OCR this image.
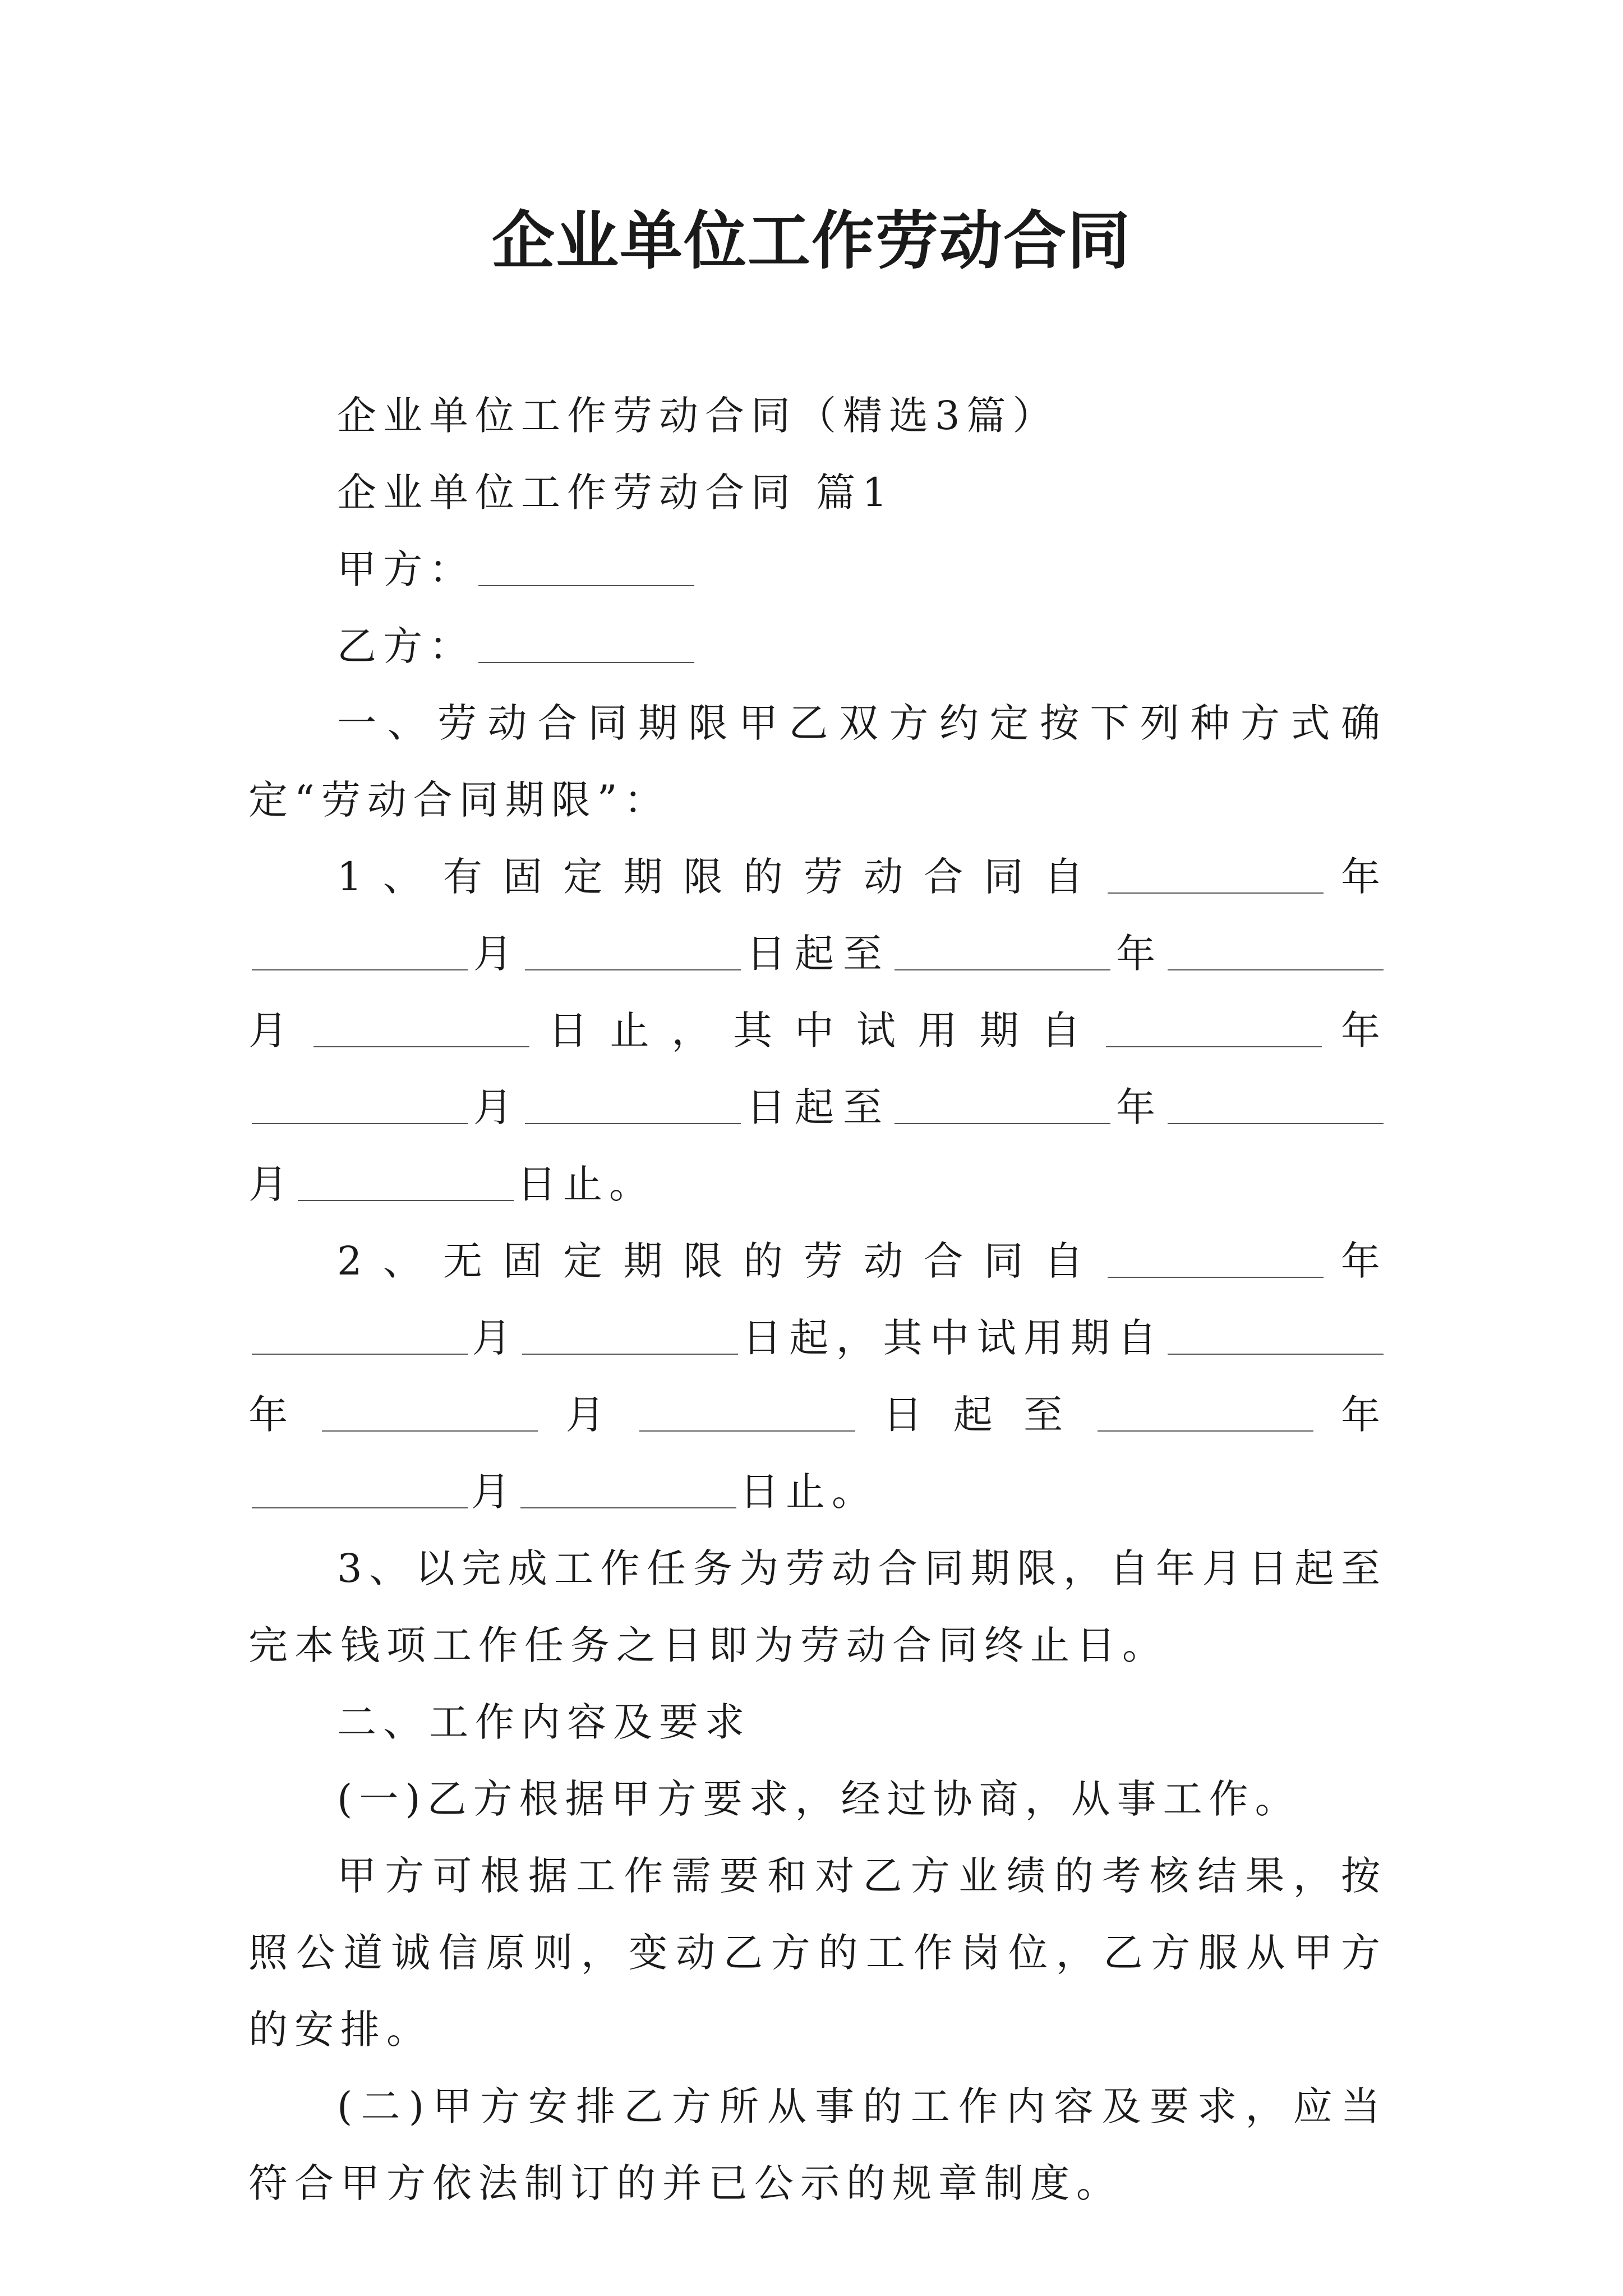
企业单位工作劳动合同

企业单位工作劳动合同（精选3篇）

企业单位工作劳动合同 篇1

甲方：

乙方：

一、劳动合同期限甲乙双方约定按下列种方式确定“劳动合同期限”：

1、有固定期限的劳动合同自	年月	日起至	年月	日止，其中试用期自	年月	日起至	年月	日止。

2、无固定期限的劳动合同自	年月	日起，其中试用期自年	月	日起至	年月	日止。

3、以完成工作任务为劳动合同期限，自年月日起至完本钱项工作任务之日即为劳动合同终止日。

二、工作内容及要求

(一)乙方根据甲方要求，经过协商，从事工作。

甲方可根据工作需要和对乙方业绩的考核结果，按照公道诚信原则，变动乙方的工作岗位，乙方服从甲方的安排。

(二)甲方安排乙方所从事的工作内容及要求，应当符合甲方依法制订的并已公示的规章制度。
